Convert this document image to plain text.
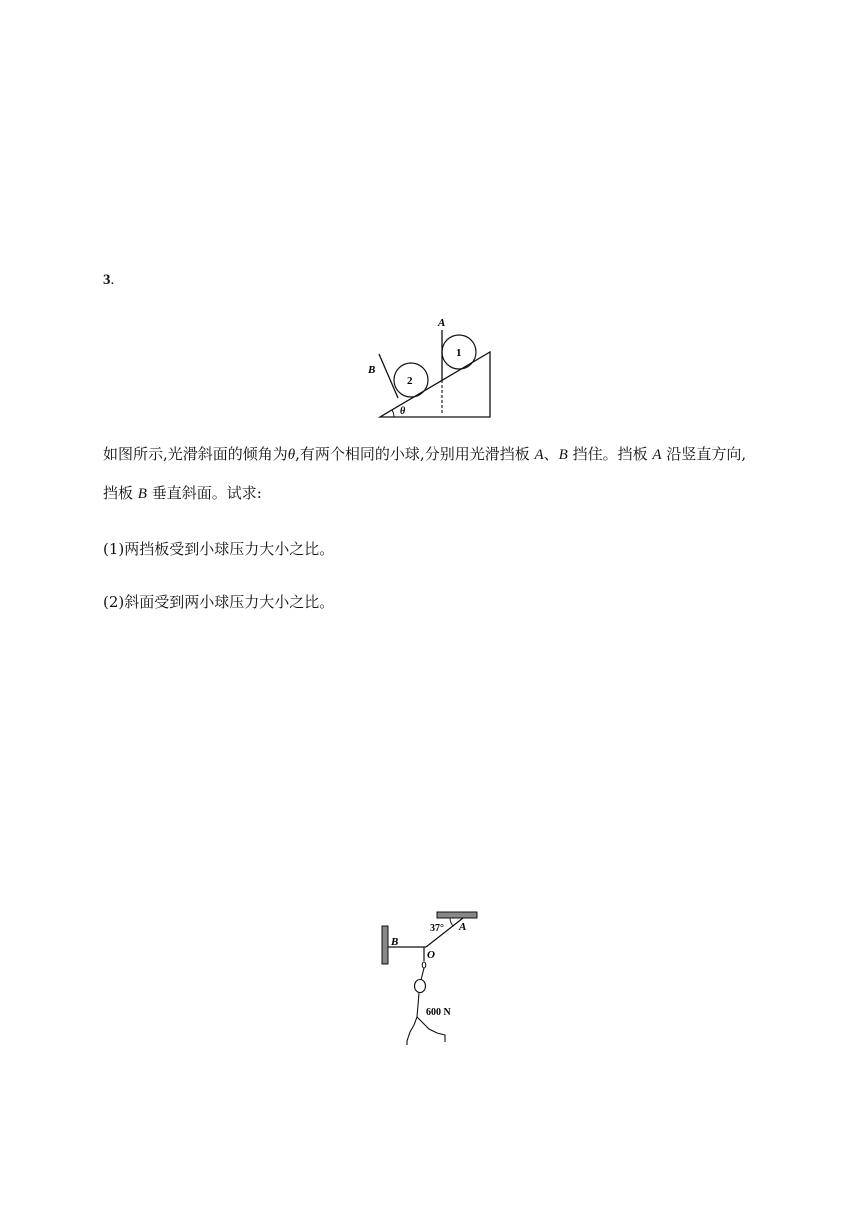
3.
2
B
1
A
θ
如图所示,光滑斜面的倾角为θ,有两个相同的小球,分别用光滑挡板 A、B 挡住。挡板 A 沿竖直方向,
挡板 B 垂直斜面。试求:
(1)两挡板受到小球压力大小之比。
(2)斜面受到两小球压力大小之比。
37° A
B
O
600 N
